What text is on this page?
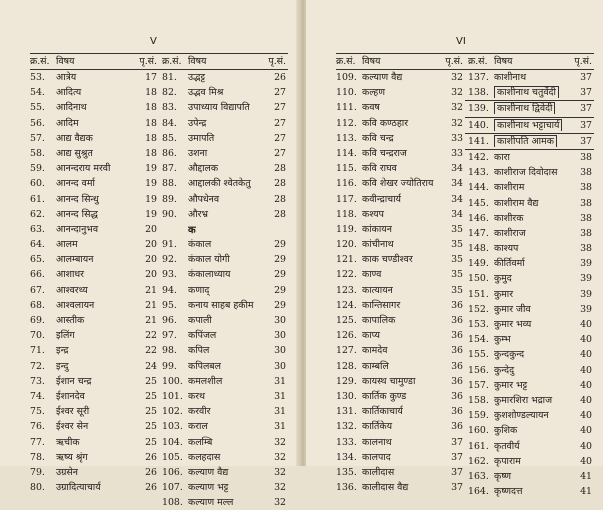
V
क्र.सं. विषय	पृ.सं.
53.	आत्रेय	17
54.	आदित्य	18
55.	आदिनाथ	18
56.	आदिम	18
57.	आद्य वैद्यक	18
58.	आद्य सुश्रुत	18
59.	आनन्दराय मरवी	19
60.	आनन्द वर्मा	19
61.	आनन्द सिन्धु	19
62.	आनन्द सिद्ध	19
63.	आनन्दानुभव	20
64.	आलम	20
65.	आलम्बायन	20
66.	आशाधर	20
67.	आश्वरथ्य	21
68.	आश्वलायन	21
69.	आस्तीक	21
70.	इलिंग	22
71.	इन्द्र	22
72.	इन्दु	24
73.	ईशान चन्द्र	25
74.	ईशानदेव	25
75.	ईश्वर सूरी	25
76.	ईश्वर सेन	25
77.	ऋचीक	25
78.	ऋष्य श्रृंग	26
79.	उग्रसेन	26
80.	उग्रादित्याचार्य	26
क्र.सं. विषय	पृ.सं.
81.	उद्भट्ट	26
82.	उद्भव मिश्र	27
83.	उपाध्याय विद्यापति	27
84.	उपेन्द्र	27
85.	उमापति	27
86.	उशना	27
87.	औद्दालक	28
88.	आद्दालकी श्वेतकेतु	28
89.	औपधेनव	28
90.	औरभ्र	28
क
91.	कंकाल	29
92.	कंकाल योगी	29
93.	कंकालाध्याय	29
94.	कणाद्	29
95.	कनाय साहब हकीम	29
96.	कपाली	30
97.	कपिंजल	30
98.	कपिल	30
99.	कपिलबल	30
100. कमलशील	31
101. करथ	31
102. करवीर	31
103. कराल	31
104. कलम्बि	32
105. कलहदास	32
106. कल्याण वैद्य	32
107. कल्याण भट्ट	32
108. कल्याण मल्ल	32
VI
क्र.सं. विषय	पृ.सं.
109. कल्याण वैद्य	32
110. कल्हण	32
111. कवष	32
112. कवि कण्ठहार	32
113. कवि चन्द्र	33
114. कवि चन्द्रराज	33
115. कवि राघव	34
116. कवि शेखर ज्योतिराय	34
117. कवीन्द्राचार्य	34
118. कश्यप	34
119. कांकायन	35
120. कांचीनाथ	35
121. काक चण्डीश्वर	35
122. काण्व	35
123. कात्यायन	35
124. कान्तिसागर	36
125. कापालिक	36
126. काप्य	36
127. कामदेव	36
128. काम्बलि	36
129. कायस्थ चामुण्डा	36
130. कार्तिक कुण्ड	36
131. कार्तिकाचार्य	36
132. कार्तिकेय	36
133. कालनाथ	37
134. कालपाद	37
135. कालीदास	37
136. कालीदास वैद्य	37
क्र.सं. विषय	पृ.सं.
137. काशीनाथ	37
138. काशीनाथ चतुर्वेदी	37
139. काशीनाथ द्विवेदी	37
140. काशीनाथ भट्टाचार्य	37
141. काशीपति आमक	37
142. कारा	38
143. काशीराज दिवोदास	38
144. काशीराम	38
145. काशीराम वैद्य	38
146. काशीरक	38
147. काशीराज	38
148. काश्यप	38
149. कीर्तिवर्मा	39
150. कुमुद	39
151. कुमार	39
152. कुमार जीव	39
153. कुमार भव्य	40
154. कुम्भ	40
155. कुन्दकुन्द	40
156. कुन्देदु	40
157. कुमार भट्ट	40
158. कुमारशिरा भद्राज	40
159. कुशशोण्डल्यायन	40
160. कुशिक	40
161. कृतवीर्य	40
162. कृपाराम	40
163. कृष्ण	41
164. कृष्णदत्त	41
